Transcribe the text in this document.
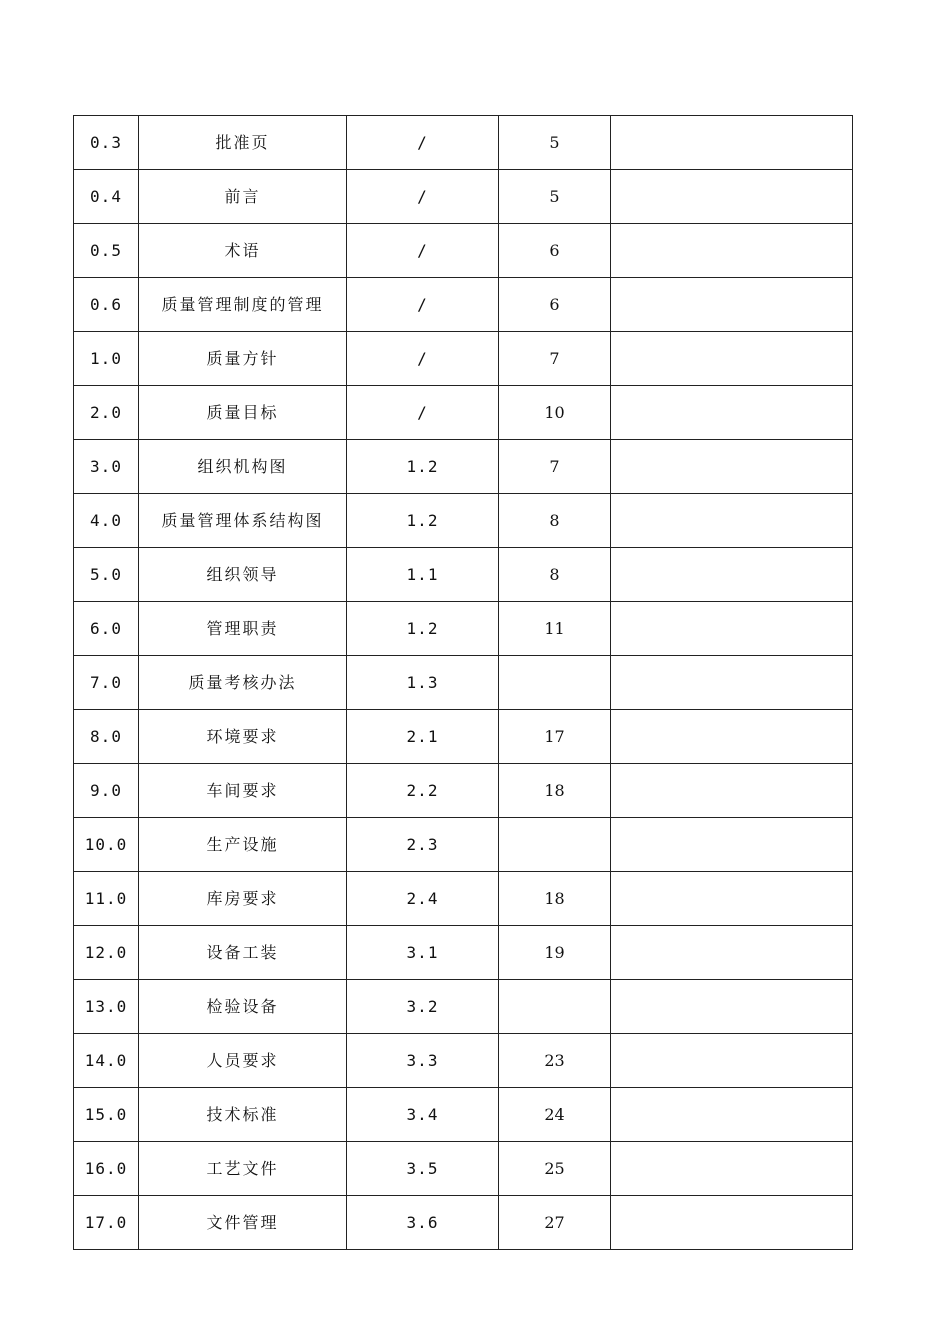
0.3	批准页	/	5	
0.4	前言	/	5	
0.5	术语	/	6	
0.6	质量管理制度的管理	/	6	
1.0	质量方针	/	7	
2.0	质量目标	/	10	
3.0	组织机构图	1.2	7	
4.0	质量管理体系结构图	1.2	8	
5.0	组织领导	1.1	8	
6.0	管理职责	1.2	11	
7.0	质量考核办法	1.3		
8.0	环境要求	2.1	17	
9.0	车间要求	2.2	18	
10.0	生产设施	2.3		
11.0	库房要求	2.4	18	
12.0	设备工装	3.1	19	
13.0	检验设备	3.2		
14.0	人员要求	3.3	23	
15.0	技术标准	3.4	24	
16.0	工艺文件	3.5	25	
17.0	文件管理	3.6	27	
